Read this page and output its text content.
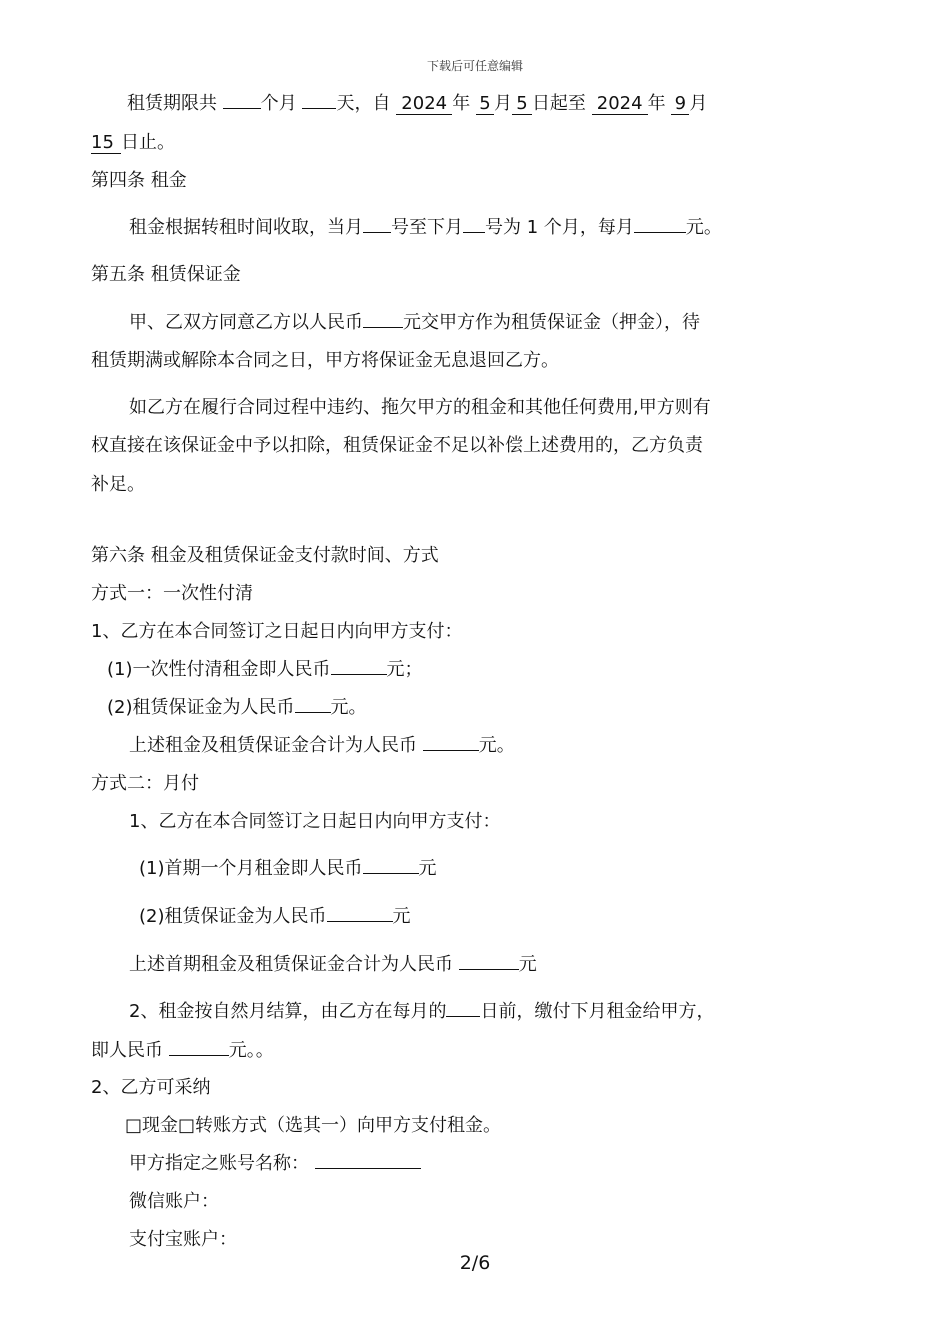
下载后可任意编辑
租赁期限共 个月 天，自 2024 年 5 月 5 日起至 2024 年 9 月
15 日止。
第四条 租金
租金根据转租时间收取，当月 号至下月 号为 1 个月，每月	元。
第五条 租赁保证金
甲、乙双方同意乙方以人民币 元交甲方作为租赁保证金（押金），待
租赁期满或解除本合同之日，甲方将保证金无息退回乙方。
如乙方在履行合同过程中违约、拖欠甲方的租金和其他任何费用,甲方则有
权直接在该保证金中予以扣除，租赁保证金不足以补偿上述费用的，乙方负责
补足。
第六条 租金及租赁保证金支付款时间、方式
方式一：一次性付清
1、乙方在本合同签订之日起日内向甲方支付：
(1)一次性付清租金即人民币	元；
(2)租赁保证金为人民币 元。
上述租金及租赁保证金合计为人民币	元。
方式二：月付
1、乙方在本合同签订之日起日内向甲方支付：
(1)首期一个月租金即人民币	元
(2)租赁保证金为人民币	元
上述首期租金及租赁保证金合计为人民币	元
2、租金按自然月结算，由乙方在每月的 日前，缴付下月租金给甲方，
即人民币	元。。
2、乙方可采纳
□现金□转账方式（选其一）向甲方支付租金。
甲方指定之账号名称：
微信账户：
支付宝账户：
2/6
